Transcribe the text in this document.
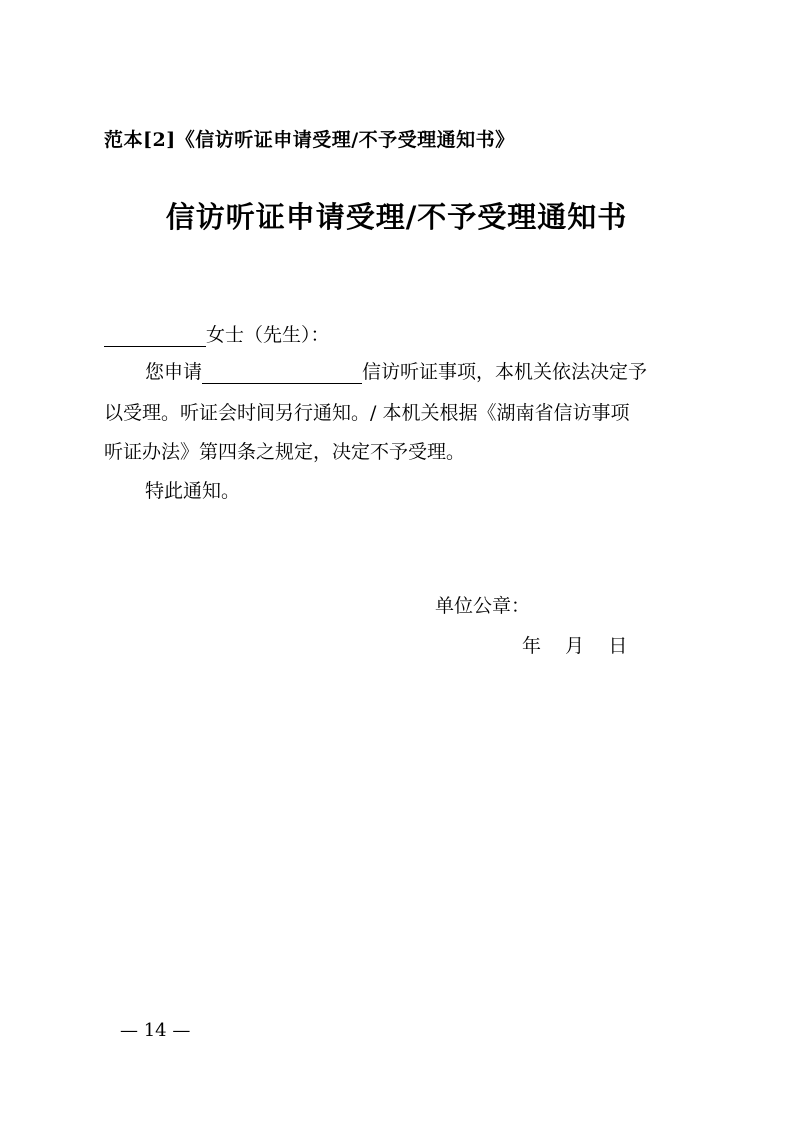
范本[2]《信访听证申请受理/不予受理通知书》
信访听证申请受理/不予受理通知书
女士（先生）：
您申请	信访听证事项，本机关依法决定予
以受理。听证会时间另行通知。/ 本机关根据《湖南省信访事项
听证办法》第四条之规定，决定不予受理。
特此通知。
单位公章：
年    月    日
— 14 —
